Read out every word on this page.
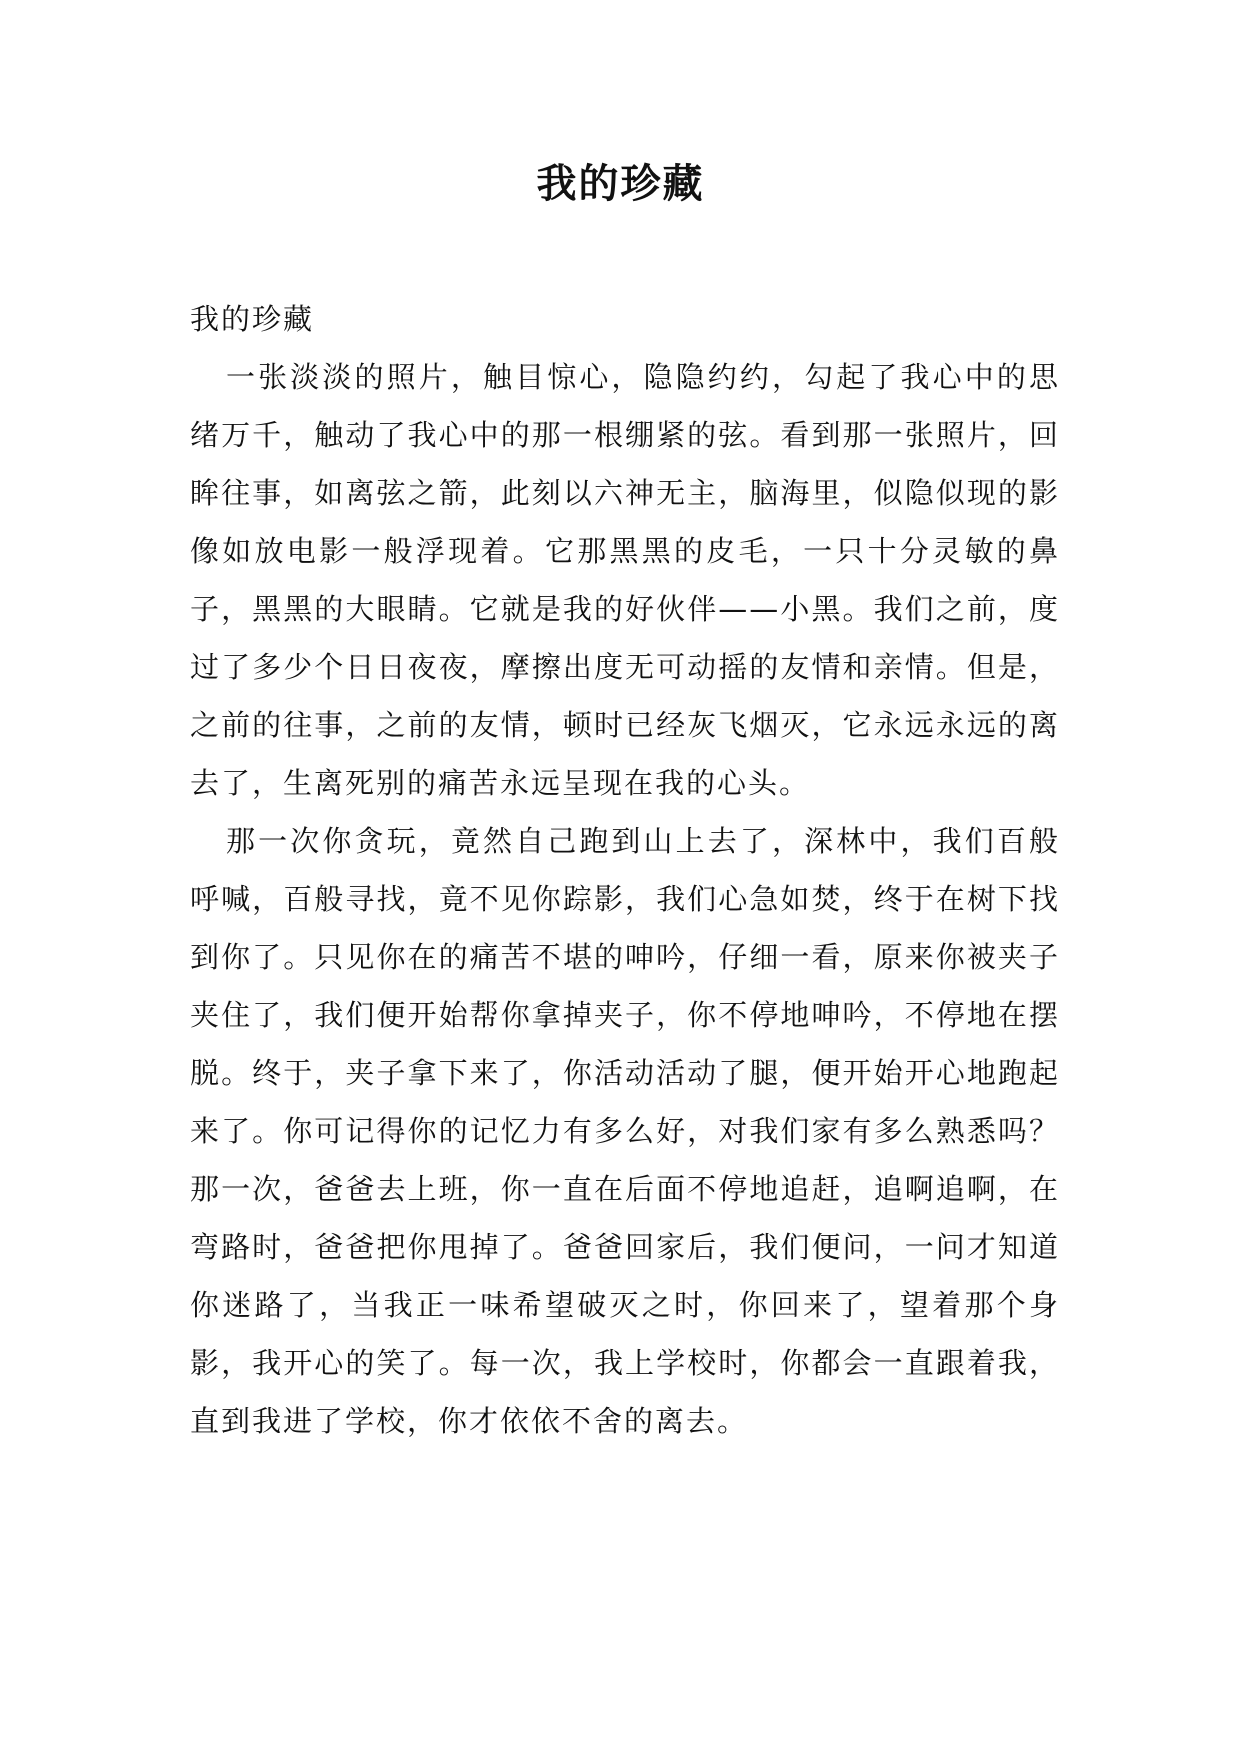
我的珍藏

我的珍藏

一张淡淡的照片，触目惊心，隐隐约约，勾起了我心中的思绪万千，触动了我心中的那一根绷紧的弦。看到那一张照片，回眸往事，如离弦之箭，此刻以六神无主，脑海里，似隐似现的影像如放电影一般浮现着。它那黑黑的皮毛，一只十分灵敏的鼻子，黑黑的大眼睛。它就是我的好伙伴——小黑。我们之前，度过了多少个日日夜夜，摩擦出度无可动摇的友情和亲情。但是，之前的往事，之前的友情，顿时已经灰飞烟灭，它永远永远的离去了，生离死别的痛苦永远呈现在我的心头。

那一次你贪玩，竟然自己跑到山上去了，深林中，我们百般呼喊，百般寻找，竟不见你踪影，我们心急如焚，终于在树下找到你了。只见你在的痛苦不堪的呻吟，仔细一看，原来你被夹子夹住了，我们便开始帮你拿掉夹子，你不停地呻吟，不停地在摆脱。终于，夹子拿下来了，你活动活动了腿，便开始开心地跑起来了。你可记得你的记忆力有多么好，对我们家有多么熟悉吗？那一次，爸爸去上班，你一直在后面不停地追赶，追啊追啊，在弯路时，爸爸把你甩掉了。爸爸回家后，我们便问，一问才知道你迷路了，当我正一味希望破灭之时，你回来了，望着那个身影，我开心的笑了。每一次，我上学校时，你都会一直跟着我，直到我进了学校，你才依依不舍的离去。
